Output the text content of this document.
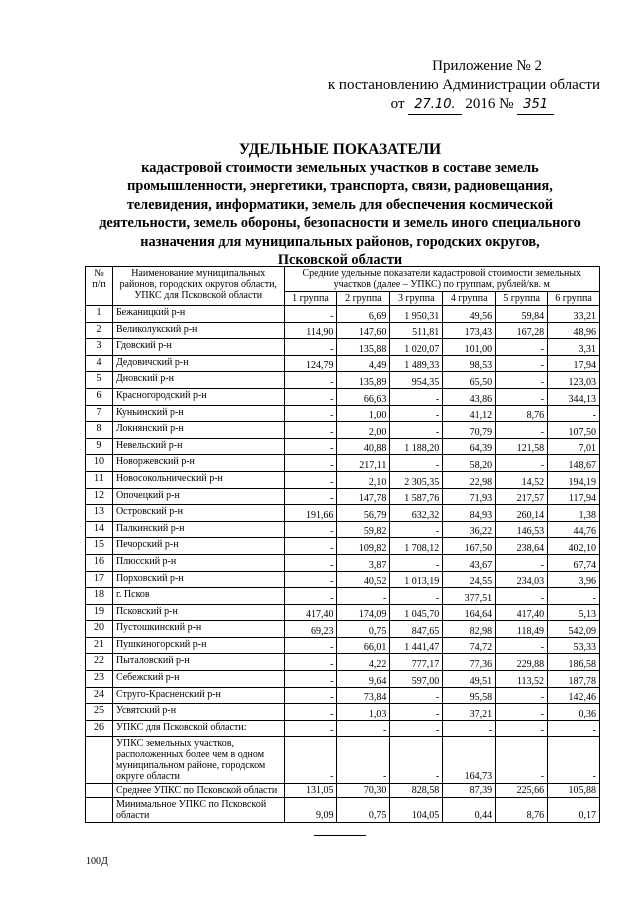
Приложение № 2
к постановлению Администрации области
от 27.10. 2016 № 351
УДЕЛЬНЫЕ ПОКАЗАТЕЛИ
кадастровой стоимости земельных участков в составе земель
промышленности, энергетики, транспорта, связи, радиовещания,
телевидения, информатики, земель для обеспечения космической
деятельности, земель обороны, безопасности и земель иного специального
назначения для муниципальных районов, городских округов,
Псковской области
№ п/п	Наименование муниципальных районов, городских округов области, УПКС для Псковской области	Средние удельные показатели кадастровой стоимости земельных участков (далее – УПКС) по группам, рублей/кв. м					
		1 группа	2 группа	3 группа	4 группа	5 группа	6 группа
1	Бежаницкий р-н	-	6,69	1 950,31	49,56	59,84	33,21
2	Великолукский р-н	114,90	147,60	511,81	173,43	167,28	48,96
3	Гдовский р-н	-	135,88	1 020,07	101,00	-	3,31
4	Дедовичский р-н	124,79	4,49	1 489,33	98,53	-	17,94
5	Дновский р-н	-	135,89	954,35	65,50	-	123,03
6	Красногородский р-н	-	66,63	-	43,86	-	344,13
7	Куньинский р-н	-	1,00	-	41,12	8,76	-
8	Локнянский р-н	-	2,00	-	70,79	-	107,50
9	Невельский р-н	-	40,88	1 188,20	64,39	121,58	7,01
10	Новоржевский р-н	-	217,11	-	58,20	-	148,67
11	Новосокольнический р-н	-	2,10	2 305,35	22,98	14,52	194,19
12	Опочецкий р-н	-	147,78	1 587,76	71,93	217,57	117,94
13	Островский р-н	191,66	56,79	632,32	84,93	260,14	1,38
14	Палкинский р-н	-	59,82	-	36,22	146,53	44,76
15	Печорский р-н	-	109,82	1 708,12	167,50	238,64	402,10
16	Плюсский р-н	-	3,87	-	43,67	-	67,74
17	Порховский р-н	-	40,52	1 013,19	24,55	234,03	3,96
18	г. Псков	-	-	-	377,51	-	-
19	Псковский р-н	417,40	174,09	1 045,70	164,64	417,40	5,13
20	Пустошкинский р-н	69,23	0,75	847,65	82,98	118,49	542,09
21	Пушкиногорский р-н	-	66,01	1 441,47	74,72	-	53,33
22	Пыталовский р-н	-	4,22	777,17	77,36	229,88	186,58
23	Себежский р-н	-	9,64	597,00	49,51	113,52	187,78
24	Струго-Красненский р-н	-	73,84	-	95,58	-	142,46
25	Усвятский р-н	-	1,03	-	37,21	-	0,36
26	УПКС для Псковской области:	-	-	-	-	-	-
	УПКС земельных участков, расположенных более чем в одном муниципальном районе, городском округе области	-	-	-	164,73	-	-
	Среднее УПКС по Псковской области	131,05	70,30	828,58	87,39	225,66	105,88
	Минимальное УПКС по Псковской области	9,09	0,75	104,05	0,44	8,76	0,17
100Д
